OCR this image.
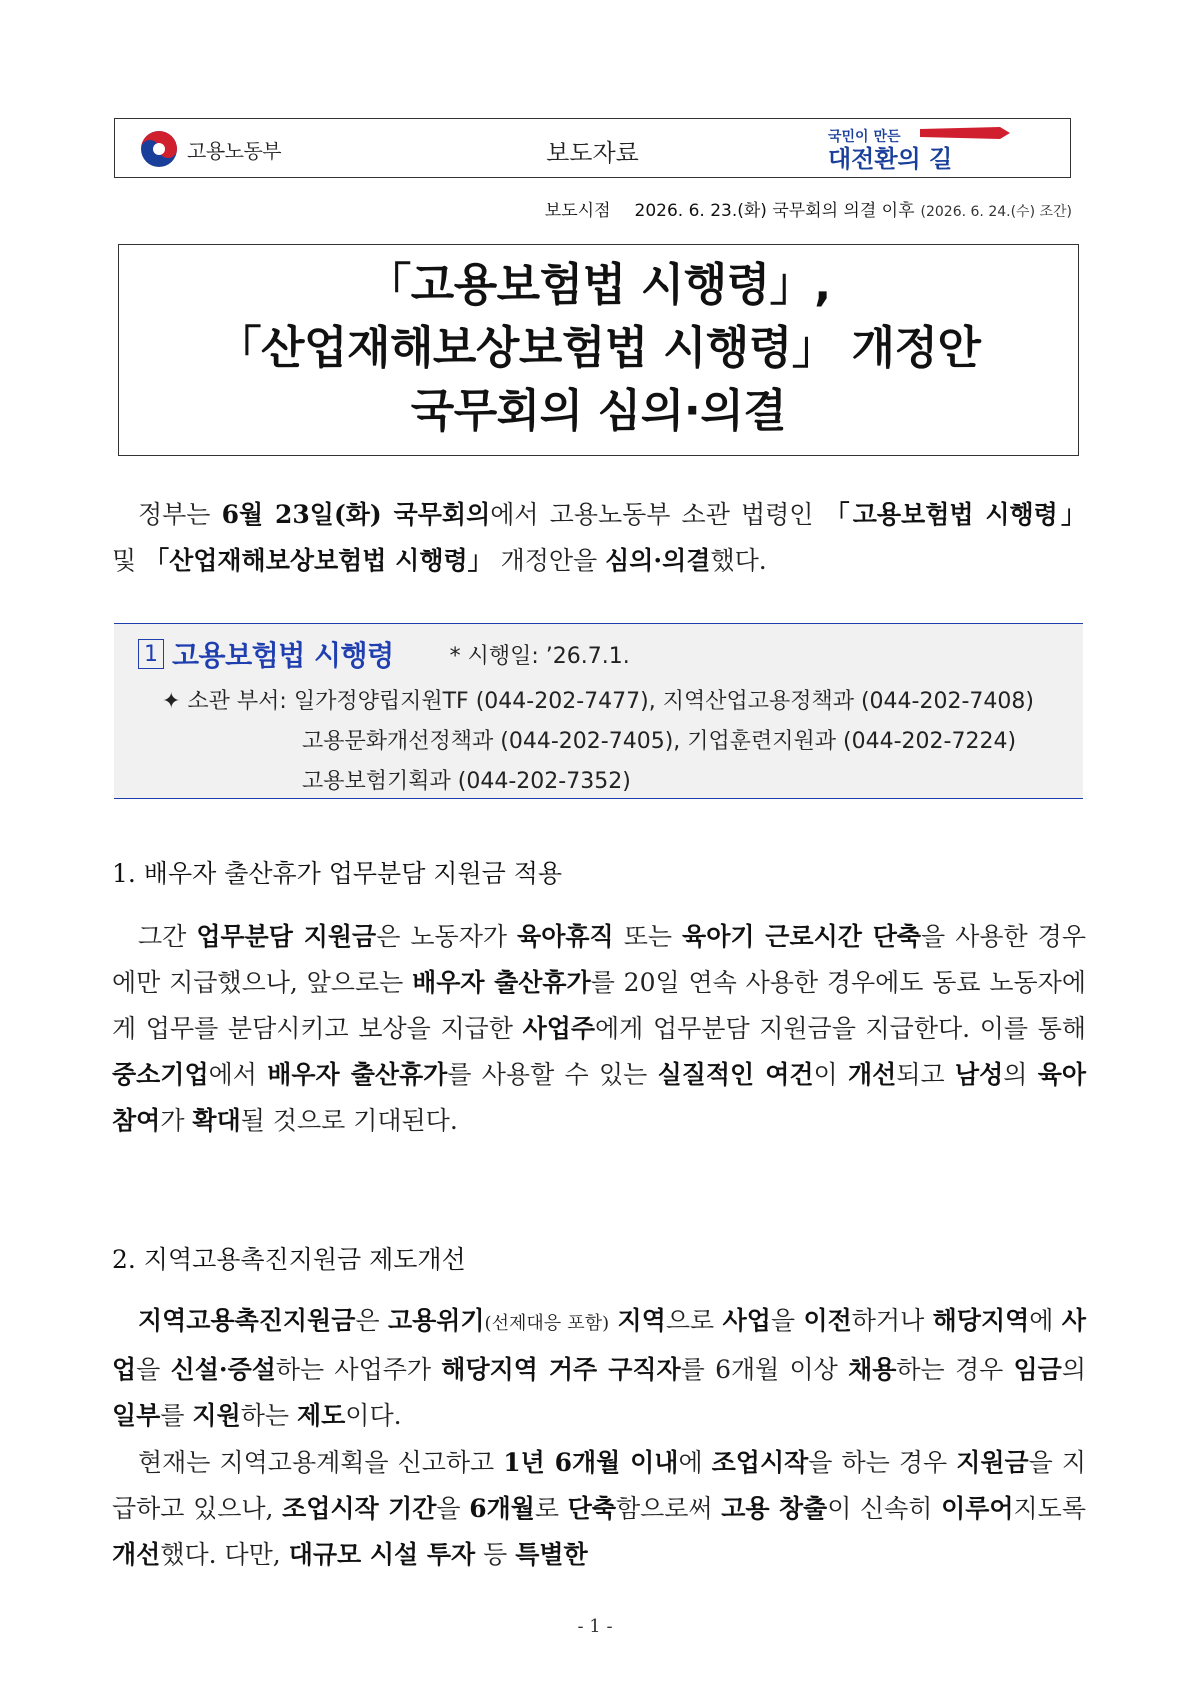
고용노동부	보도자료
국민이 만든
대전환의 길
보도시점 2026. 6. 23.(화) 국무회의 의결 이후 (2026. 6. 24.(수) 조간)
「고용보험법 시행령」,
「산업재해보상보험법 시행령」 개정안
국무회의 심의·의결
정부는 6월 23일(화) 국무회의에서 고용노동부 소관 법령인 「고용보험법 시행령」 및 「산업재해보상보험법 시행령」 개정안을 심의·의결했다.
1 고용보험법 시행령	* 시행일: ’26.7.1.
✦ 소관 부서: 일가정양립지원TF (044-202-7477), 지역산업고용정책과 (044-202-7408)
고용문화개선정책과 (044-202-7405), 기업훈련지원과 (044-202-7224)
고용보험기획과 (044-202-7352)
1. 배우자 출산휴가 업무분담 지원금 적용
그간 업무분담 지원금은 노동자가 육아휴직 또는 육아기 근로시간 단축을 사용한 경우에만 지급했으나, 앞으로는 배우자 출산휴가를 20일 연속 사용한 경우에도 동료 노동자에게 업무를 분담시키고 보상을 지급한 사업주에게 업무분담 지원금을 지급한다. 이를 통해 중소기업에서 배우자 출산휴가를 사용할 수 있는 실질적인 여건이 개선되고 남성의 육아 참여가 확대될 것으로 기대된다.
2. 지역고용촉진지원금 제도개선
지역고용촉진지원금은 고용위기(선제대응 포함) 지역으로 사업을 이전하거나 해당지역에 사업을 신설·증설하는 사업주가 해당지역 거주 구직자를 6개월 이상 채용하는 경우 임금의 일부를 지원하는 제도이다.
현재는 지역고용계획을 신고하고 1년 6개월 이내에 조업시작을 하는 경우 지원금을 지급하고 있으나, 조업시작 기간을 6개월로 단축함으로써 고용 창출이 신속히 이루어지도록 개선했다. 다만, 대규모 시설 투자 등 특별한
- 1 -
